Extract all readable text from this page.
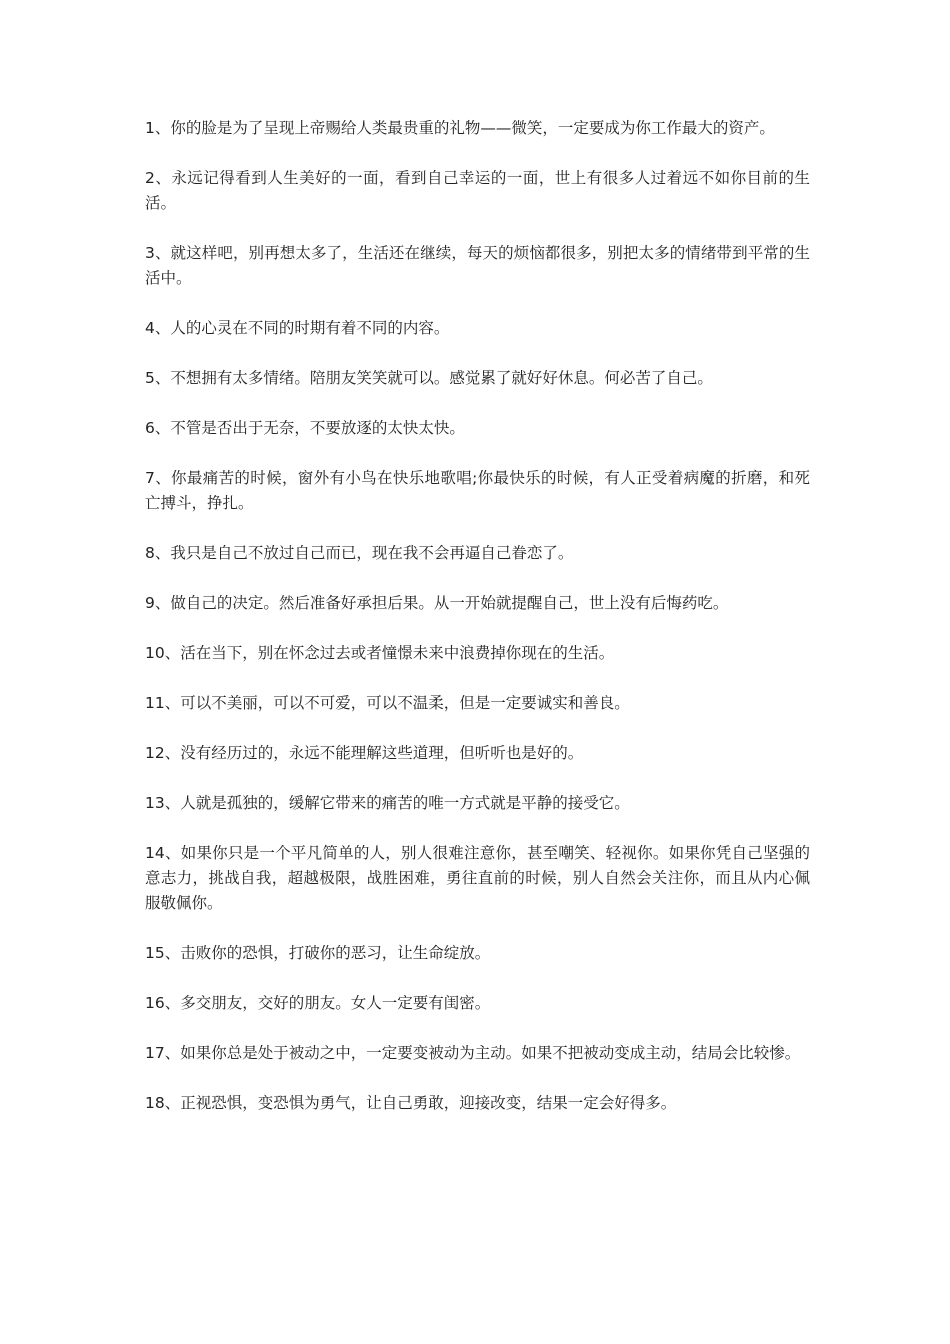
1、你的脸是为了呈现上帝赐给人类最贵重的礼物——微笑，一定要成为你工作最大的资产。

2、永远记得看到人生美好的一面，看到自己幸运的一面，世上有很多人过着远不如你目前的生活。

3、就这样吧，别再想太多了，生活还在继续，每天的烦恼都很多，别把太多的情绪带到平常的生活中。

4、人的心灵在不同的时期有着不同的内容。

5、不想拥有太多情绪。陪朋友笑笑就可以。感觉累了就好好休息。何必苦了自己。

6、不管是否出于无奈，不要放逐的太快太快。

7、你最痛苦的时候，窗外有小鸟在快乐地歌唱;你最快乐的时候，有人正受着病魔的折磨，和死亡搏斗，挣扎。

8、我只是自己不放过自己而已，现在我不会再逼自己眷恋了。

9、做自己的决定。然后准备好承担后果。从一开始就提醒自己，世上没有后悔药吃。

10、活在当下，别在怀念过去或者憧憬未来中浪费掉你现在的生活。

11、可以不美丽，可以不可爱，可以不温柔，但是一定要诚实和善良。

12、没有经历过的，永远不能理解这些道理，但听听也是好的。

13、人就是孤独的，缓解它带来的痛苦的唯一方式就是平静的接受它。

14、如果你只是一个平凡简单的人，别人很难注意你，甚至嘲笑、轻视你。如果你凭自己坚强的意志力，挑战自我，超越极限，战胜困难，勇往直前的时候，别人自然会关注你，而且从内心佩服敬佩你。

15、击败你的恐惧，打破你的恶习，让生命绽放。

16、多交朋友，交好的朋友。女人一定要有闺密。

17、如果你总是处于被动之中，一定要变被动为主动。如果不把被动变成主动，结局会比较惨。

18、正视恐惧，变恐惧为勇气，让自己勇敢，迎接改变，结果一定会好得多。
